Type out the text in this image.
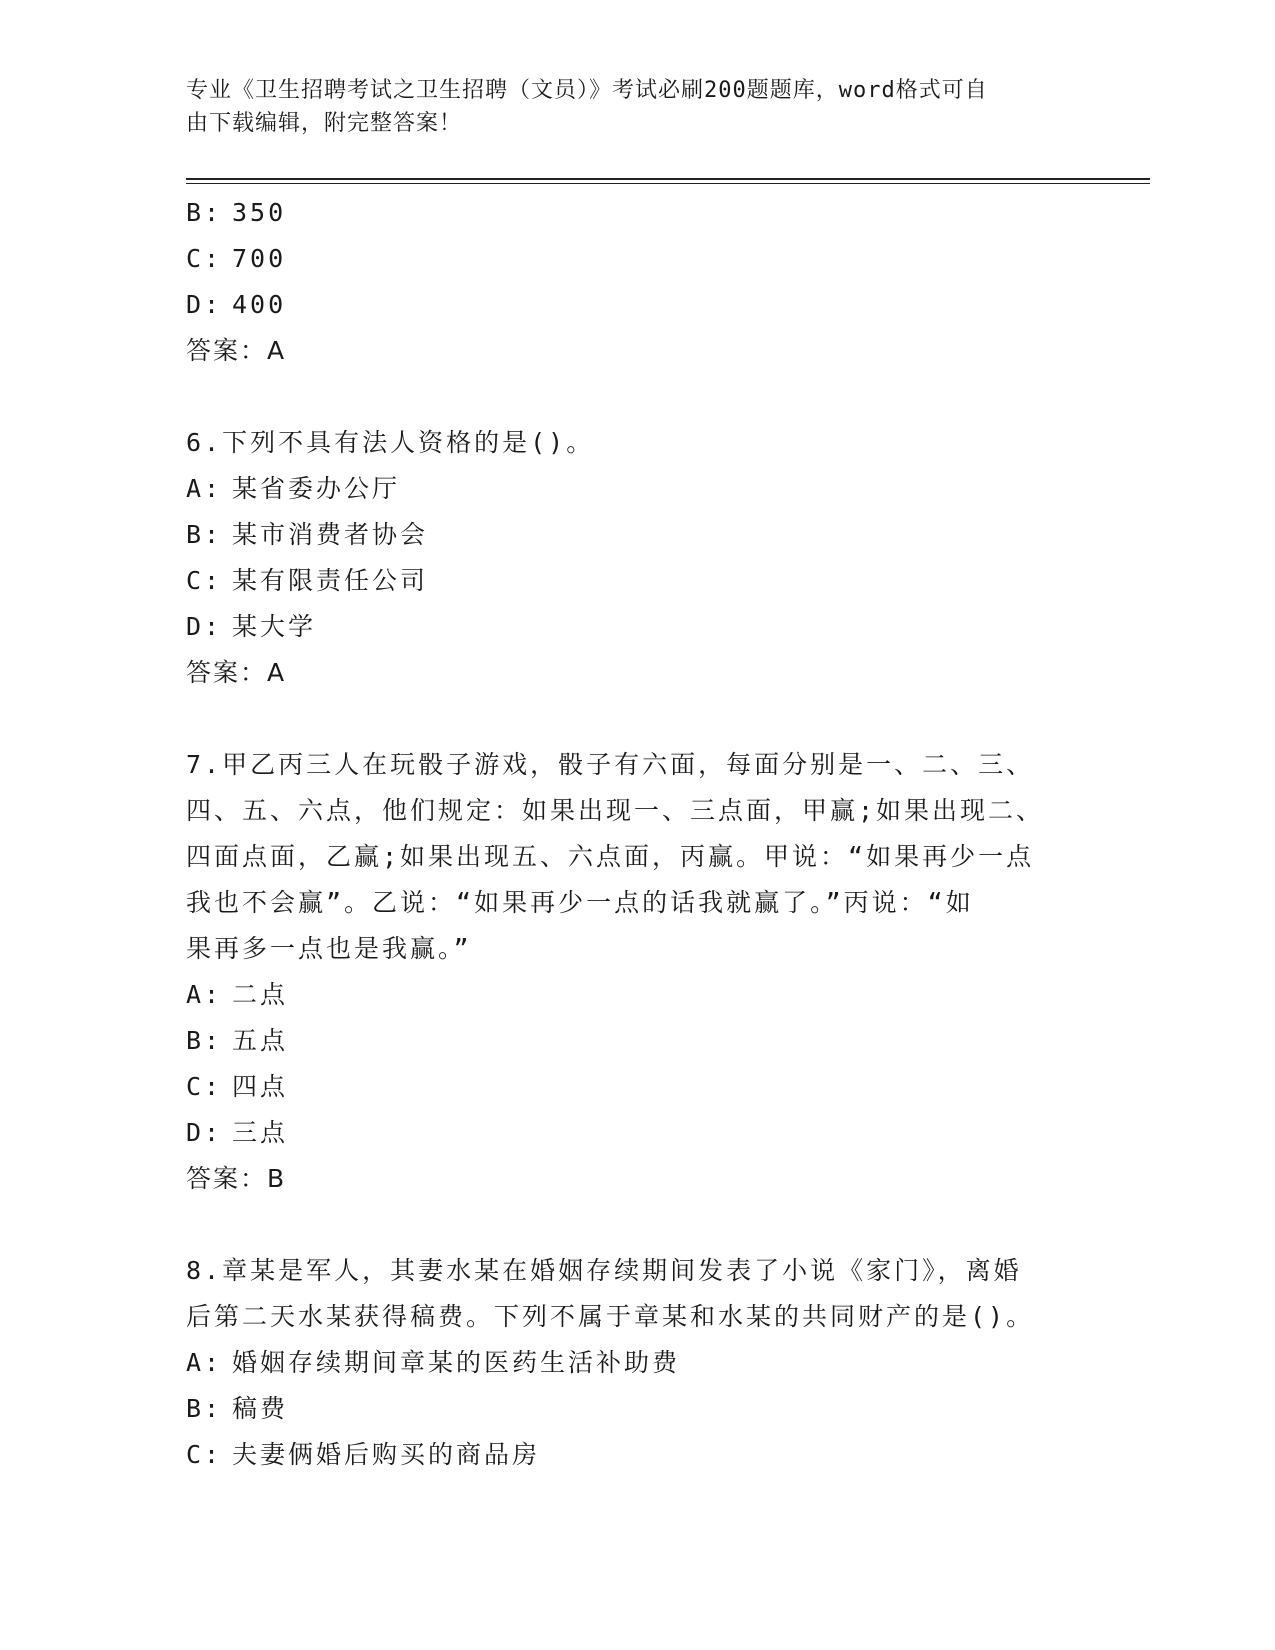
专业《卫生招聘考试之卫生招聘（文员）》考试必刷200题题库，word格式可自
由下载编辑，附完整答案！

B: 350

C: 700

D: 400

答案：A

6.下列不具有法人资格的是()。

A: 某省委办公厅

B: 某市消费者协会

C: 某有限责任公司

D: 某大学

答案：A

7.甲乙丙三人在玩骰子游戏，骰子有六面，每面分别是一、二、三、

四、五、六点，他们规定：如果出现一、三点面，甲赢;如果出现二、

四面点面，乙赢;如果出现五、六点面，丙赢。甲说：“如果再少一点

我也不会赢”。乙说：“如果再少一点的话我就赢了。”丙说：“如

果再多一点也是我赢。”

A: 二点

B: 五点

C: 四点

D: 三点

答案：B

8.章某是军人，其妻水某在婚姻存续期间发表了小说《家门》，离婚

后第二天水某获得稿费。下列不属于章某和水某的共同财产的是()。

A: 婚姻存续期间章某的医药生活补助费

B: 稿费

C: 夫妻俩婚后购买的商品房
